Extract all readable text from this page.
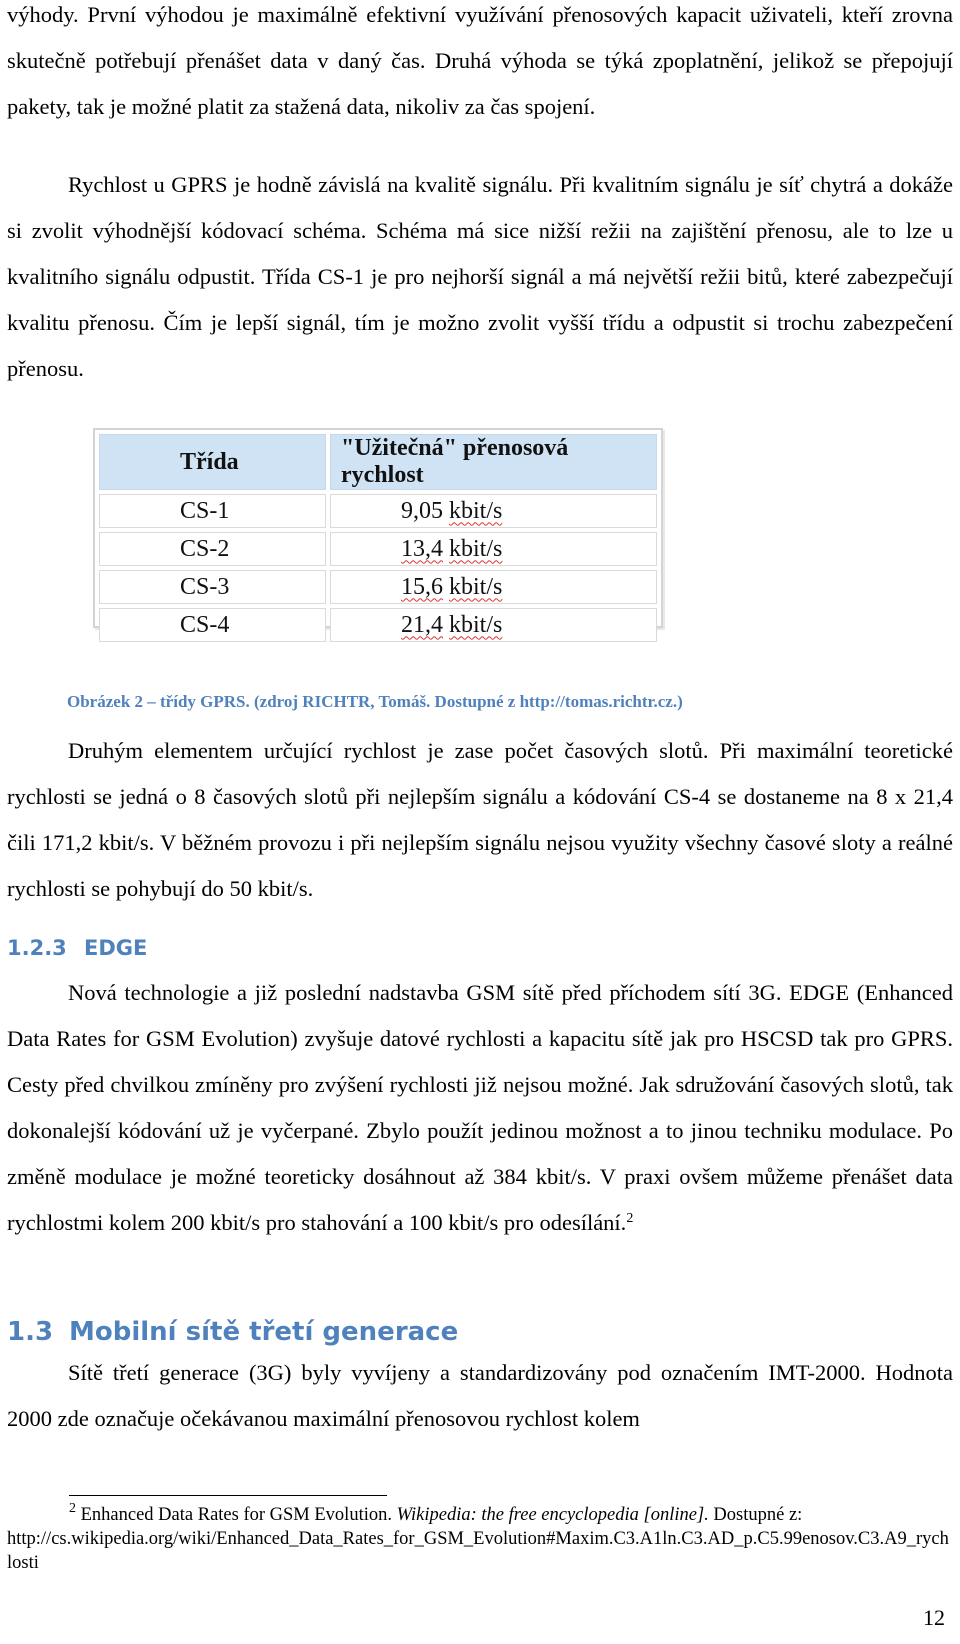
výhody. První výhodou je maximálně efektivní využívání přenosových kapacit uživateli, kteří zrovna skutečně potřebují přenášet data v daný čas. Druhá výhoda se týká zpoplatnění, jelikož se přepojují pakety, tak je možné platit za stažená data, nikoliv za čas spojení.

Rychlost u GPRS je hodně závislá na kvalitě signálu. Při kvalitním signálu je síť chytrá a dokáže si zvolit výhodnější kódovací schéma. Schéma má sice nižší režii na zajištění přenosu, ale to lze u kvalitního signálu odpustit. Třída CS-1 je pro nejhorší signál a má největší režii bitů, které zabezpečují kvalitu přenosu. Čím je lepší signál, tím je možno zvolit vyšší třídu a odpustit si trochu zabezpečení přenosu.

Třída	"Užitečná" přenosová rychlost
CS-1	9,05 kbit/s
CS-2	13,4 kbit/s
CS-3	15,6 kbit/s
CS-4	21,4 kbit/s
Obrázek 2 – třídy GPRS. (zdroj RICHTR, Tomáš. Dostupné z http://tomas.richtr.cz.)

Druhým elementem určující rychlost je zase počet časových slotů. Při maximální teoretické rychlosti se jedná o 8 časových slotů při nejlepším signálu a kódování CS-4 se dostaneme na 8 x 21,4 čili 171,2 kbit/s. V běžném provozu i při nejlepším signálu nejsou využity všechny časové sloty a reálné rychlosti se pohybují do 50 kbit/s.

1.2.3 EDGE

Nová technologie a již poslední nadstavba GSM sítě před příchodem sítí 3G. EDGE (Enhanced Data Rates for GSM Evolution) zvyšuje datové rychlosti a kapacitu sítě jak pro HSCSD tak pro GPRS. Cesty před chvilkou zmíněny pro zvýšení rychlosti již nejsou možné. Jak sdružování časových slotů, tak dokonalejší kódování už je vyčerpané. Zbylo použít jedinou možnost a to jinou techniku modulace. Po změně modulace je možné teoreticky dosáhnout až 384 kbit/s. V praxi ovšem můžeme přenášet data rychlostmi kolem 200 kbit/s pro stahování a 100 kbit/s pro odesílání.$^2$

1.3 Mobilní sítě třetí generace

Sítě třetí generace (3G) byly vyvíjeny a standardizovány pod označením IMT-2000. Hodnota 2000 zde označuje očekávanou maximální přenosovou rychlost kolem

$^2$ Enhanced Data Rates for GSM Evolution. Wikipedia: the free encyclopedia [online]. Dostupné z:
http://cs.wikipedia.org/wiki/Enhanced_Data_Rates_for_GSM_Evolution#Maxim.C3.A1ln.C3.AD_p.C5.99enosov.C3.A9_rychlosti
12
